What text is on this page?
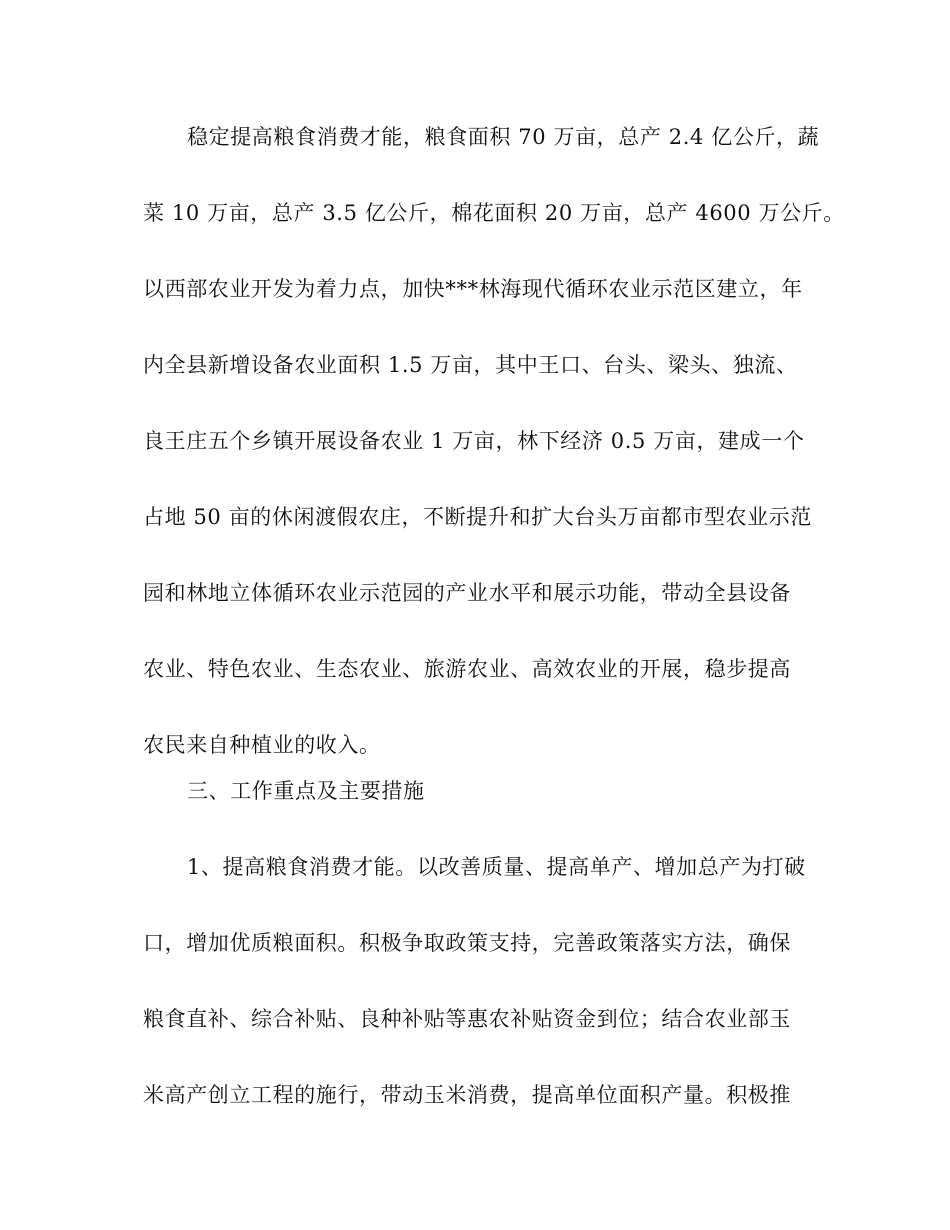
稳定提高粮食消费才能，粮食面积 70 万亩，总产 2.4 亿公斤，蔬
菜 10 万亩，总产 3.5 亿公斤，棉花面积 20 万亩，总产 4600 万公斤。
以西部农业开发为着力点，加快***林海现代循环农业示范区建立，年
内全县新增设备农业面积 1.5 万亩，其中王口、台头、梁头、独流、
良王庄五个乡镇开展设备农业 1 万亩，林下经济 0.5 万亩，建成一个
占地 50 亩的休闲渡假农庄，不断提升和扩大台头万亩都市型农业示范
园和林地立体循环农业示范园的产业水平和展示功能，带动全县设备
农业、特色农业、生态农业、旅游农业、高效农业的开展，稳步提高
农民来自种植业的收入。
三、工作重点及主要措施
1、提高粮食消费才能。以改善质量、提高单产、增加总产为打破
口，增加优质粮面积。积极争取政策支持，完善政策落实方法，确保
粮食直补、综合补贴、良种补贴等惠农补贴资金到位；结合农业部玉
米高产创立工程的施行，带动玉米消费，提高单位面积产量。积极推
